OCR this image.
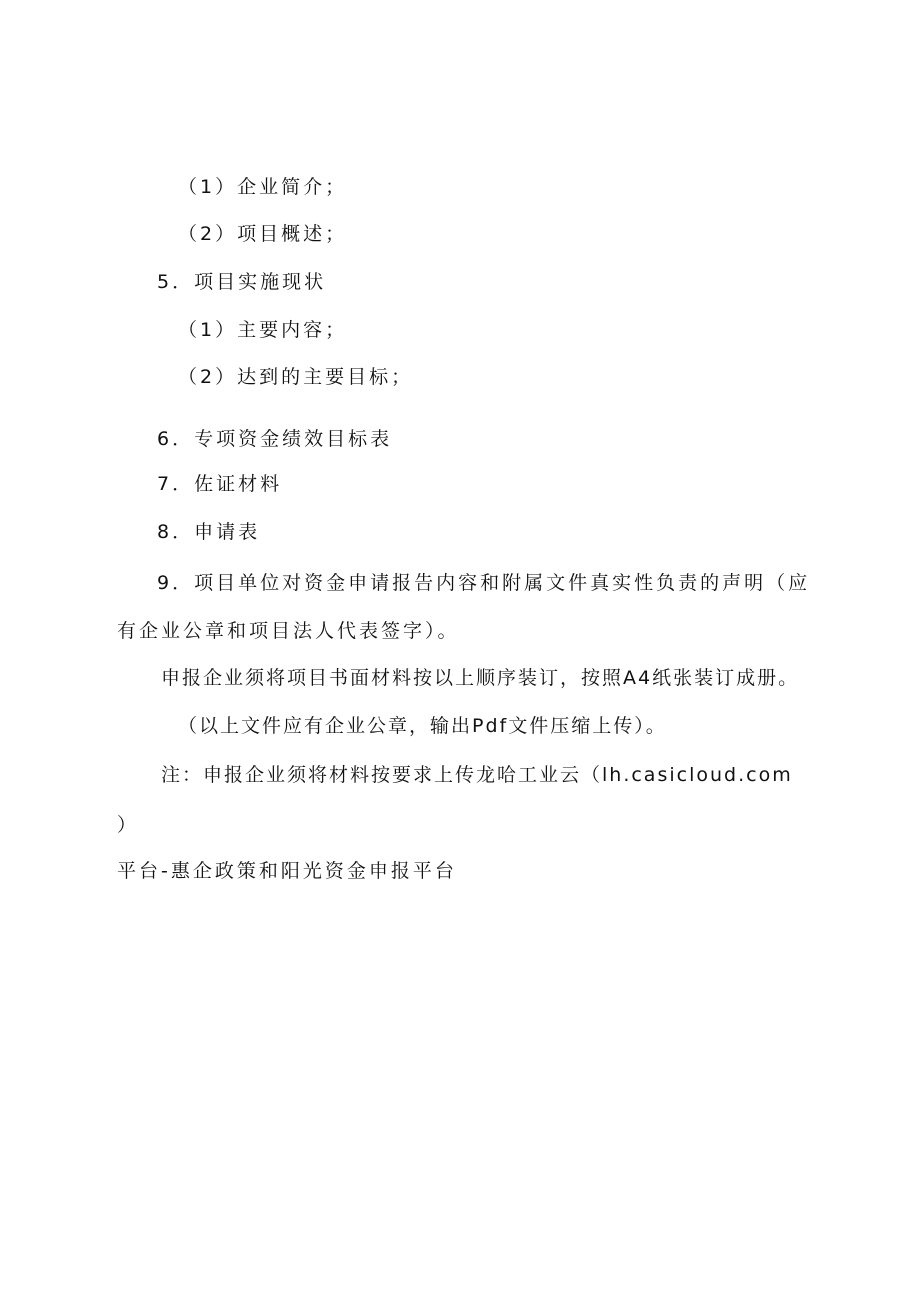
（1）企业简介；
（2）项目概述；
5．项目实施现状
（1）主要内容；
（2）达到的主要目标；
6．专项资金绩效目标表
7．佐证材料
8．申请表
9．项目单位对资金申请报告内容和附属文件真实性负责的声明（应
有企业公章和项目法人代表签字）。
申报企业须将项目书面材料按以上顺序装订，按照A4纸张装订成册。
（以上文件应有企业公章，输出Pdf文件压缩上传）。
注：申报企业须将材料按要求上传龙哈工业云（lh.casicloud.com
）
平台-惠企政策和阳光资金申报平台
